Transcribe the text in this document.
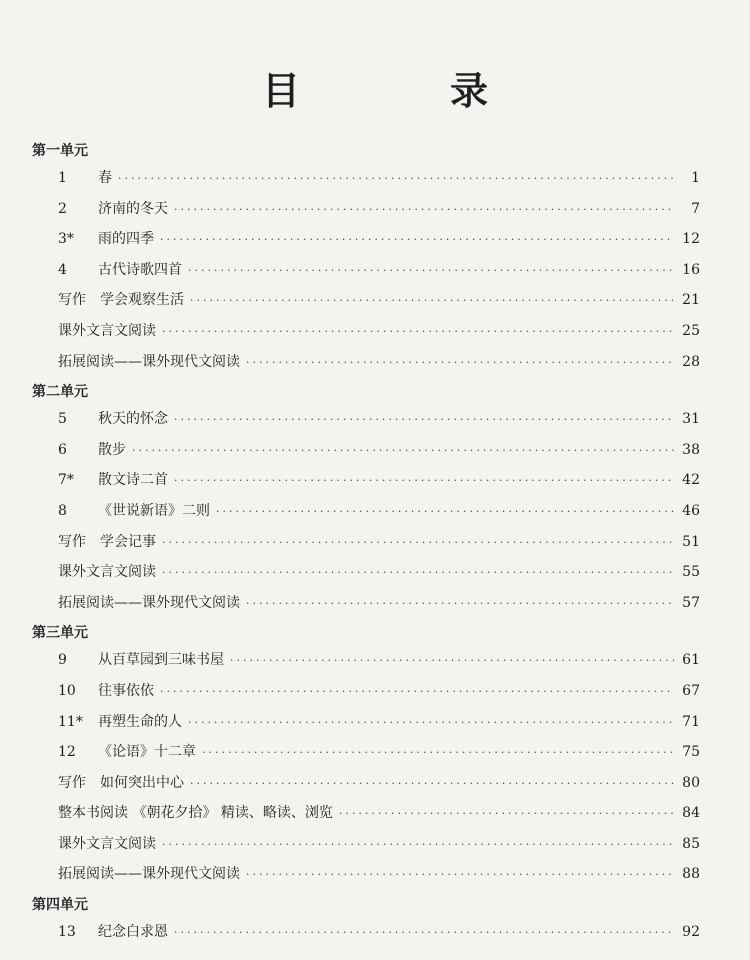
目　录
第一单元
1	春 ·····	1
2	济南的冬天 ·····	7
3*	雨的四季 ·····	12
4	古代诗歌四首 ·····	16
写作　学会观察生活 ·····	21
课外文言文阅读 ·····	25
拓展阅读——课外现代文阅读 ·····	28
第二单元
5	秋天的怀念 ·····	31
6	散步 ·····	38
7*	散文诗二首 ·····	42
8	《世说新语》二则 ·····	46
写作　学会记事 ·····	51
课外文言文阅读 ·····	55
拓展阅读——课外现代文阅读 ·····	57
第三单元
9	从百草园到三味书屋 ·····	61
10	往事依依 ·····	67
11*	再塑生命的人 ·····	71
12	《论语》十二章 ·····	75
写作　如何突出中心 ·····	80
整本书阅读 《朝花夕拾》 精读、略读、浏览 ·····	84
课外文言文阅读 ·····	85
拓展阅读——课外现代文阅读 ·····	88
第四单元
13	纪念白求恩 ·····	92
